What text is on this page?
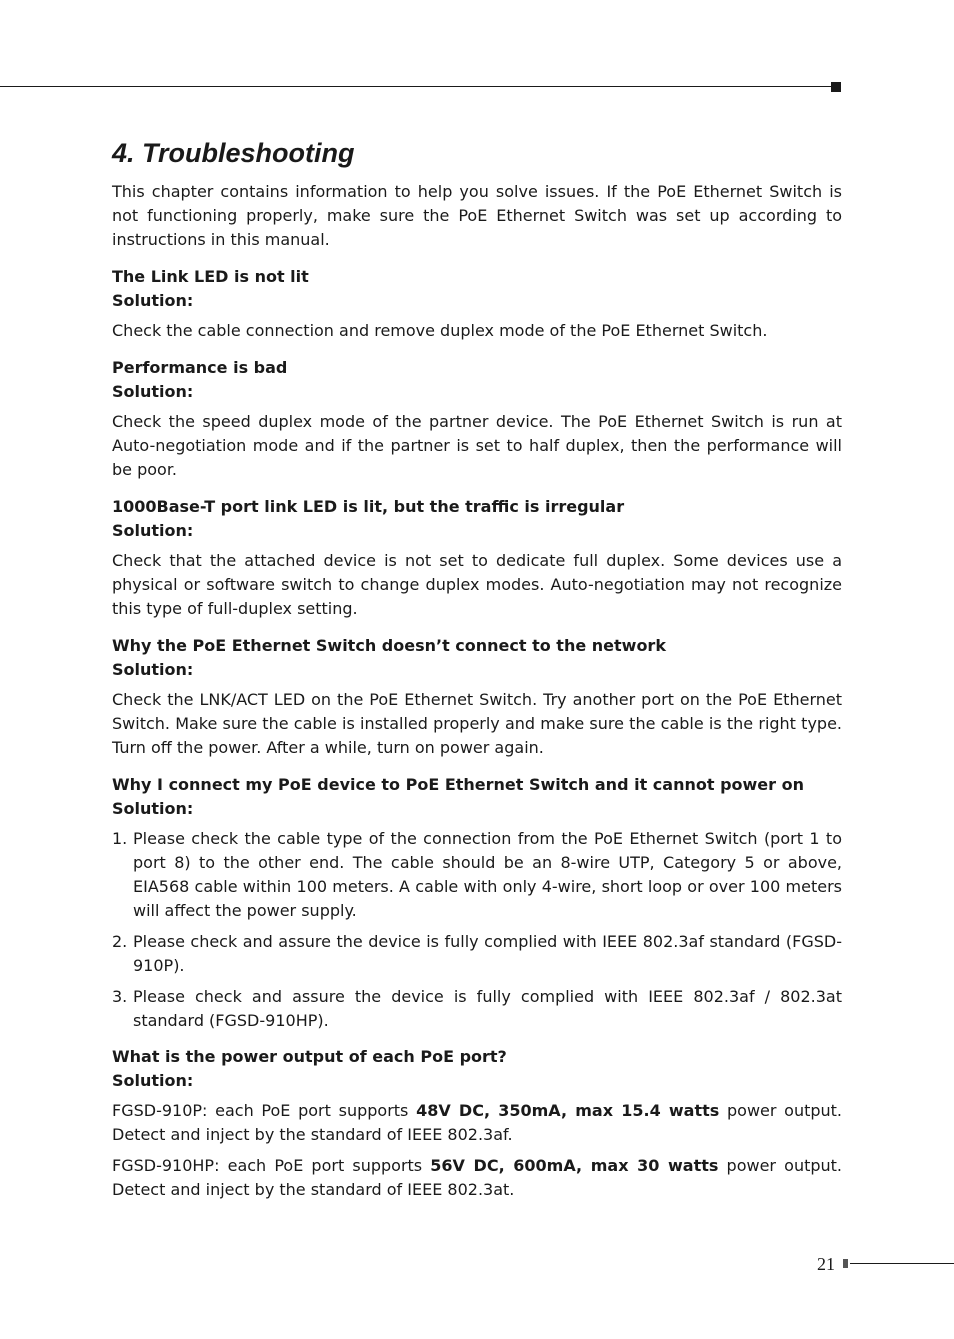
4. Troubleshooting

This chapter contains information to help you solve issues. If the PoE Ethernet Switch is not functioning properly, make sure the PoE Ethernet Switch was set up according to instructions in this manual.

The Link LED is not lit
Solution:

Check the cable connection and remove duplex mode of the PoE Ethernet Switch.

Performance is bad
Solution:

Check the speed duplex mode of the partner device. The PoE Ethernet Switch is run at Auto-negotiation mode and if the partner is set to half duplex, then the performance will be poor.

1000Base-T port link LED is lit, but the traffic is irregular
Solution:

Check that the attached device is not set to dedicate full duplex. Some devices use a physical or software switch to change duplex modes. Auto-negotiation may not recognize this type of full-duplex setting.

Why the PoE Ethernet Switch doesn’t connect to the network
Solution:

Check the LNK/ACT LED on the PoE Ethernet Switch. Try another port on the PoE Ethernet Switch. Make sure the cable is installed properly and make sure the cable is the right type. Turn off the power. After a while, turn on power again.

Why I connect my PoE device to PoE Ethernet Switch and it cannot power on
Solution:
1. Please check the cable type of the connection from the PoE Ethernet Switch (port 1 to port 8) to the other end. The cable should be an 8-wire UTP, Category 5 or above, EIA568 cable within 100 meters. A cable with only 4-wire, short loop or over 100 meters will affect the power supply.
2. Please check and assure the device is fully complied with IEEE 802.3af standard (FGSD-910P).
3. Please check and assure the device is fully complied with IEEE 802.3af / 802.3at standard (FGSD-910HP).
What is the power output of each PoE port?
Solution:

FGSD-910P: each PoE port supports 48V DC, 350mA, max 15.4 watts power output. Detect and inject by the standard of IEEE 802.3af.

FGSD-910HP: each PoE port supports 56V DC, 600mA, max 30 watts power output. Detect and inject by the standard of IEEE 802.3at.

21
